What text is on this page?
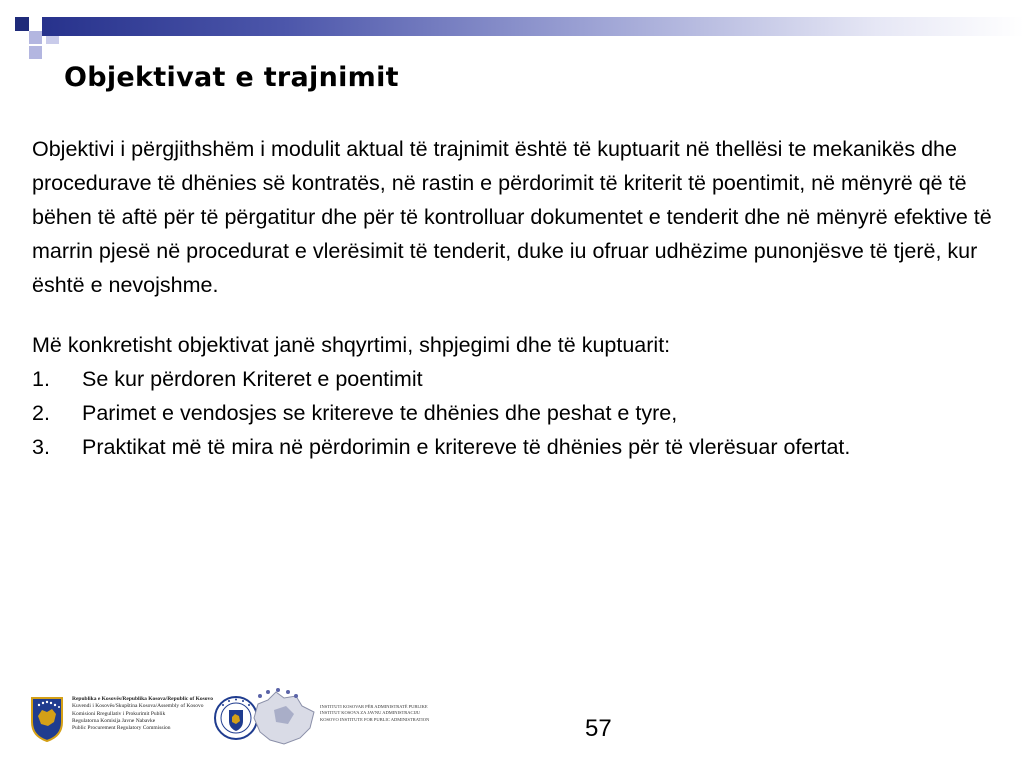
Objektivat e trajnimit

Objektivi i përgjithshëm i modulit aktual të trajnimit është të kuptuarit në thellësi te mekanikës dhe procedurave të dhënies së kontratës, në rastin e përdorimit të kriterit të poentimit, në mënyrë që të bëhen të aftë për të përgatitur dhe për të kontrolluar dokumentet e tenderit dhe në mënyrë efektive të marrin pjesë në procedurat e vlerësimit të tenderit, duke iu ofruar udhëzime punonjësve të tjerë, kur është e nevojshme.

Më konkretisht objektivat janë shqyrtimi, shpjegimi dhe të kuptuarit:

1. Se kur përdoren Kriteret e poentimit
2. Parimet e vendosjes se kritereve te dhënies dhe peshat e tyre,
3. Praktikat më të mira në përdorimin e kritereve të dhënies për të vlerësuar ofertat.
Republika e Kosovës/Republika Kosova/Republic of Kosovo
Kuvendi i Kosovës/Skupština Kosova/Assembly of Kosovo
Komisioni Rregullativ i Prokurimit Publik
Regulatorna Komisija Javne Nabavke
Public Procurement Regulatory Commission
INSTITUTI KOSOVAR PËR ADMINISTRATË PUBLIKE
INSTITUT KOSOVA ZA JAVNU ADMINISTRACIJU
KOSOVO INSTITUTE FOR PUBLIC ADMINISTRATION	57
